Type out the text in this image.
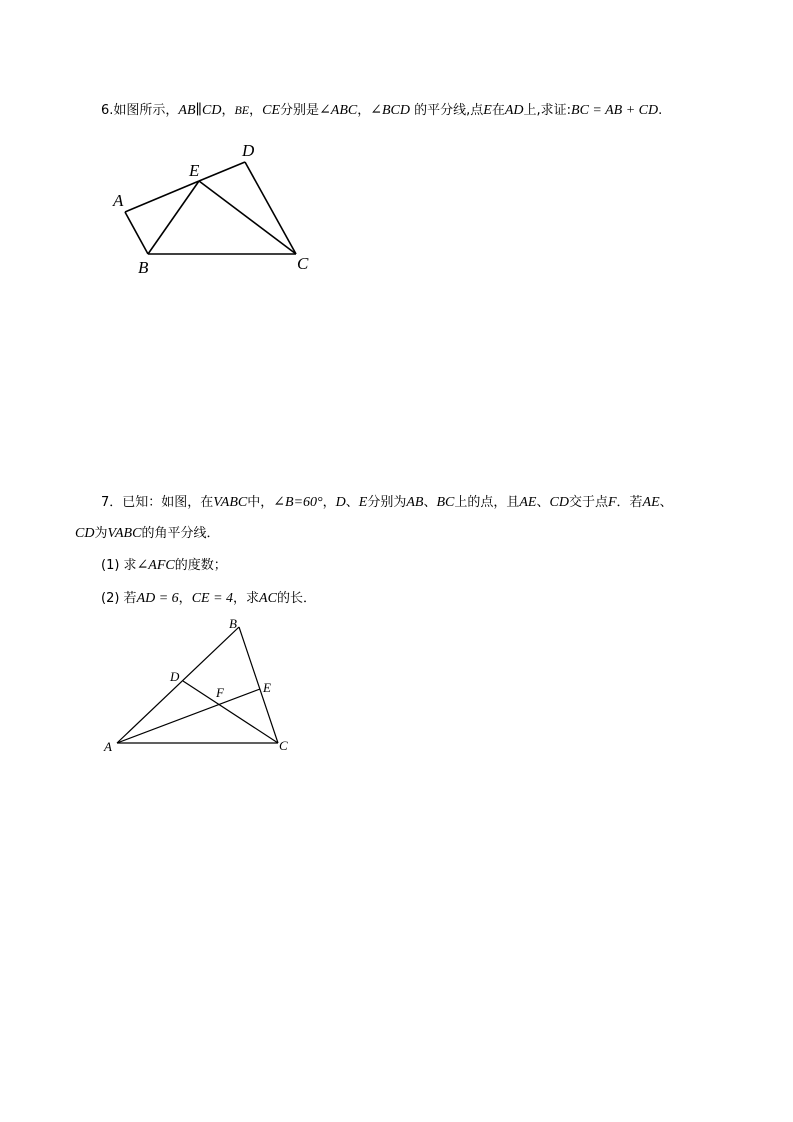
6.如图所示，AB∥CD，BE，CE分别是∠ABC，∠BCD 的平分线,点E在AD上,求证:BC = AB + CD.
A
B	C
D
E
7．已知：如图，在VABC中，∠B=60°，D、E分别为AB、BC上的点，且AE、CD交于点F．若AE、
CD为VABC的角平分线．
(1) 求∠AFC的度数；
(2) 若AD = 6，CE = 4，求AC的长．
A
B
C
D
E
F
